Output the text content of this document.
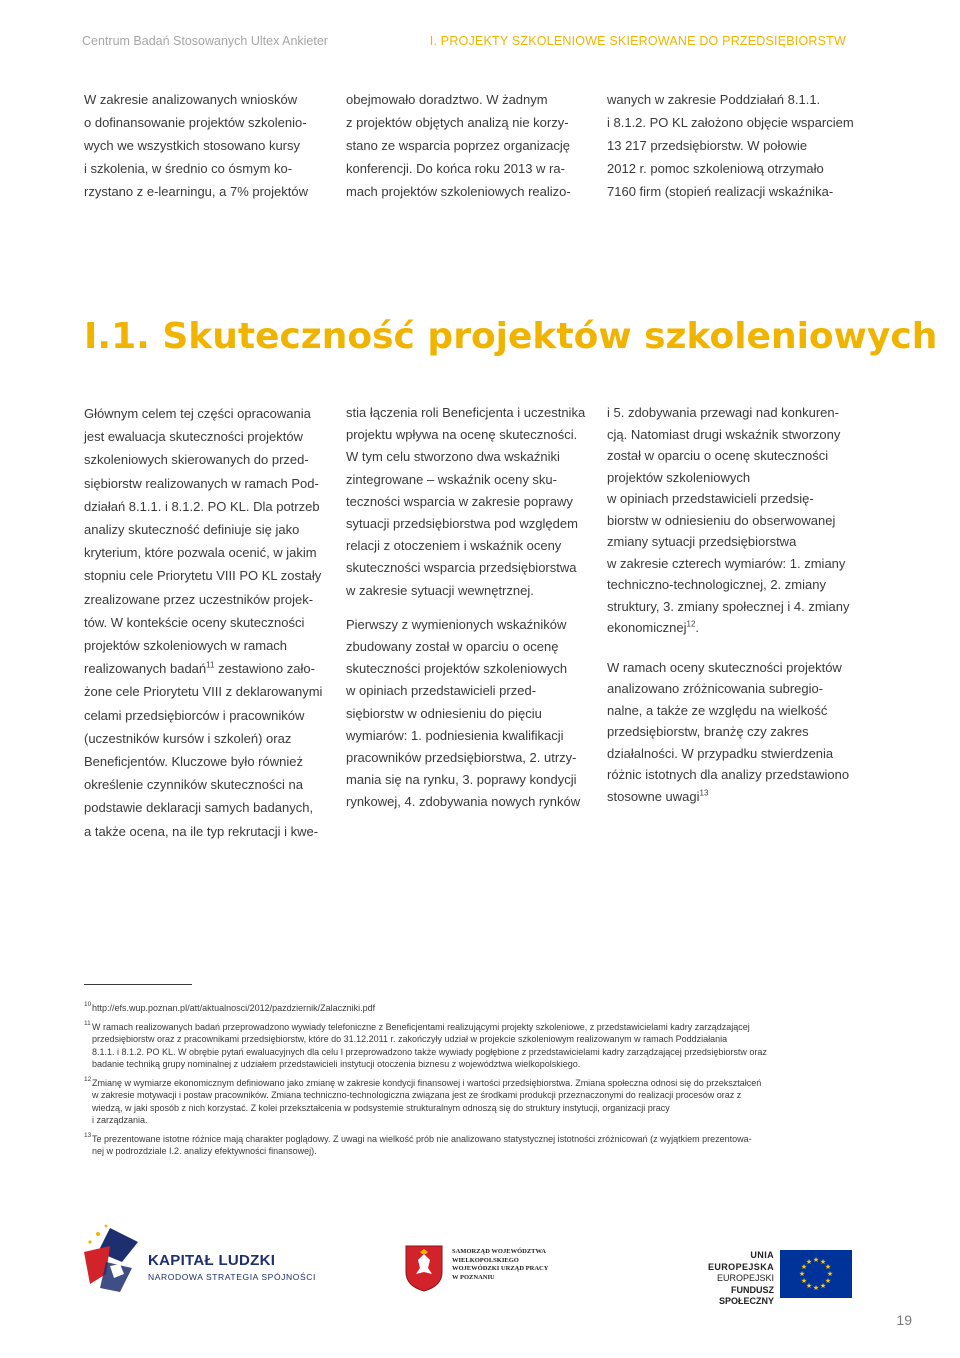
Centrum Badań Stosowanych Ultex Ankieter	I. PROJEKTY SZKOLENIOWE SKIEROWANE DO PRZEDSIĘBIORSTW

W zakresie analizowanych wniosków
o dofinansowanie projektów szkolenio-
wych we wszystkich stosowano kursy
i szkolenia, w średnio co ósmym ko-
rzystano z e-learningu, a 7% projektów

obejmowało doradztwo. W żadnym
z projektów objętych analizą nie korzy-
stano ze wsparcia poprzez organizację
konferencji. Do końca roku 2013 w ra-
mach projektów szkoleniowych realizo-

wanych w zakresie Poddziałań 8.1.1.
i 8.1.2. PO KL założono objęcie wsparciem
13 217 przedsiębiorstw. W połowie
2012 r. pomoc szkoleniową otrzymało
7160 firm (stopień realizacji wskaźnika-

I.1. Skuteczność projektów szkoleniowych

Głównym celem tej części opracowania
jest ewaluacja skuteczności projektów
szkoleniowych skierowanych do przed-
siębiorstw realizowanych w ramach Pod-
działań 8.1.1. i 8.1.2. PO KL. Dla potrzeb
analizy skuteczność definiuje się jako
kryterium, które pozwala ocenić, w jakim
stopniu cele Priorytetu VIII PO KL zostały
zrealizowane przez uczestników projek-
tów. W kontekście oceny skuteczności
projektów szkoleniowych w ramach
realizowanych badań$^{11}$ zestawiono zało-
żone cele Priorytetu VIII z deklarowanymi
celami przedsiębiorców i pracowników
(uczestników kursów i szkoleń) oraz
Beneficjentów. Kluczowe było również
określenie czynników skuteczności na
podstawie deklaracji samych badanych,
a także ocena, na ile typ rekrutacji i kwe-

stia łączenia roli Beneficjenta i uczestnika
projektu wpływa na ocenę skuteczności.
W tym celu stworzono dwa wskaźniki
zintegrowane – wskaźnik oceny sku-
teczności wsparcia w zakresie poprawy
sytuacji przedsiębiorstwa pod względem
relacji z otoczeniem i wskaźnik oceny
skuteczności wsparcia przedsiębiorstwa
w zakresie sytuacji wewnętrznej.

Pierwszy z wymienionych wskaźników
zbudowany został w oparciu o ocenę
skuteczności projektów szkoleniowych
w opiniach przedstawicieli przed-
siębiorstw w odniesieniu do pięciu
wymiarów: 1. podniesienia kwalifikacji
pracowników przedsiębiorstwa, 2. utrzy-
mania się na rynku, 3. poprawy kondycji
rynkowej, 4. zdobywania nowych rynków

i 5. zdobywania przewagi nad konkuren-
cją. Natomiast drugi wskaźnik stworzony
został w oparciu o ocenę skuteczności
projektów szkoleniowych
w opiniach przedstawicieli przedsię-
biorstw w odniesieniu do obserwowanej
zmiany sytuacji przedsiębiorstwa
w zakresie czterech wymiarów: 1. zmiany
techniczno-technologicznej, 2. zmiany
struktury, 3. zmiany społecznej i 4. zmiany
ekonomicznej$^{12}$.

W ramach oceny skuteczności projektów
analizowano zróżnicowania subregio-
nalne, a także ze względu na wielkość
przedsiębiorstw, branżę czy zakres
działalności. W przypadku stwierdzenia
różnic istotnych dla analizy przedstawiono
stosowne uwagi$^{13}$

10 http://efs.wup.poznan.pl/att/aktualnosci/2012/pazdziernik/Zalaczniki.pdf
11 W ramach realizowanych badań przeprowadzono wywiady telefoniczne z Beneficjentami realizującymi projekty szkoleniowe, z przedstawicielami kadry zarządzającej
przedsiębiorstw oraz z pracownikami przedsiębiorstw, które do 31.12.2011 r. zakończyły udział w projekcie szkoleniowym realizowanym w ramach Poddziałania
8.1.1. i 8.1.2. PO KL. W obrębie pytań ewaluacyjnych dla celu I przeprowadzono także wywiady pogłębione z przedstawicielami kadry zarządzającej przedsiębiorstw oraz
badanie techniką grupy nominalnej z udziałem przedstawicieli instytucji otoczenia biznesu z województwa wielkopolskiego.
12 Zmianę w wymiarze ekonomicznym definiowano jako zmianę w zakresie kondycji finansowej i wartości przedsiębiorstwa. Zmiana społeczna odnosi się do przekształceń
w zakresie motywacji i postaw pracowników. Zmiana techniczno-technologiczna związana jest ze środkami produkcji przeznaczonymi do realizacji procesów oraz z
wiedzą, w jaki sposób z nich korzystać. Z kolei przekształcenia w podsystemie strukturalnym odnoszą się do struktury instytucji, organizacji pracy
i zarządzania.
13 Te prezentowane istotne różnice mają charakter poglądowy. Z uwagi na wielkość prób nie analizowano statystycznej istotności zróżnicowań (z wyjątkiem prezentowa-
nej w podrozdziale I.2. analizy efektywności finansowej).
KAPITAŁ LUDZKI
NARODOWA STRATEGIA SPÓJNOŚCI
SAMORZĄD WOJEWÓDZTWA
WIELKOPOLSKIEGO
WOJEWÓDZKI URZĄD PRACY
W POZNANIU
UNIA EUROPEJSKA
EUROPEJSKI
FUNDUSZ SPOŁECZNY
★ ★
★
★
★
★
★
★
★
★
★
★
19
